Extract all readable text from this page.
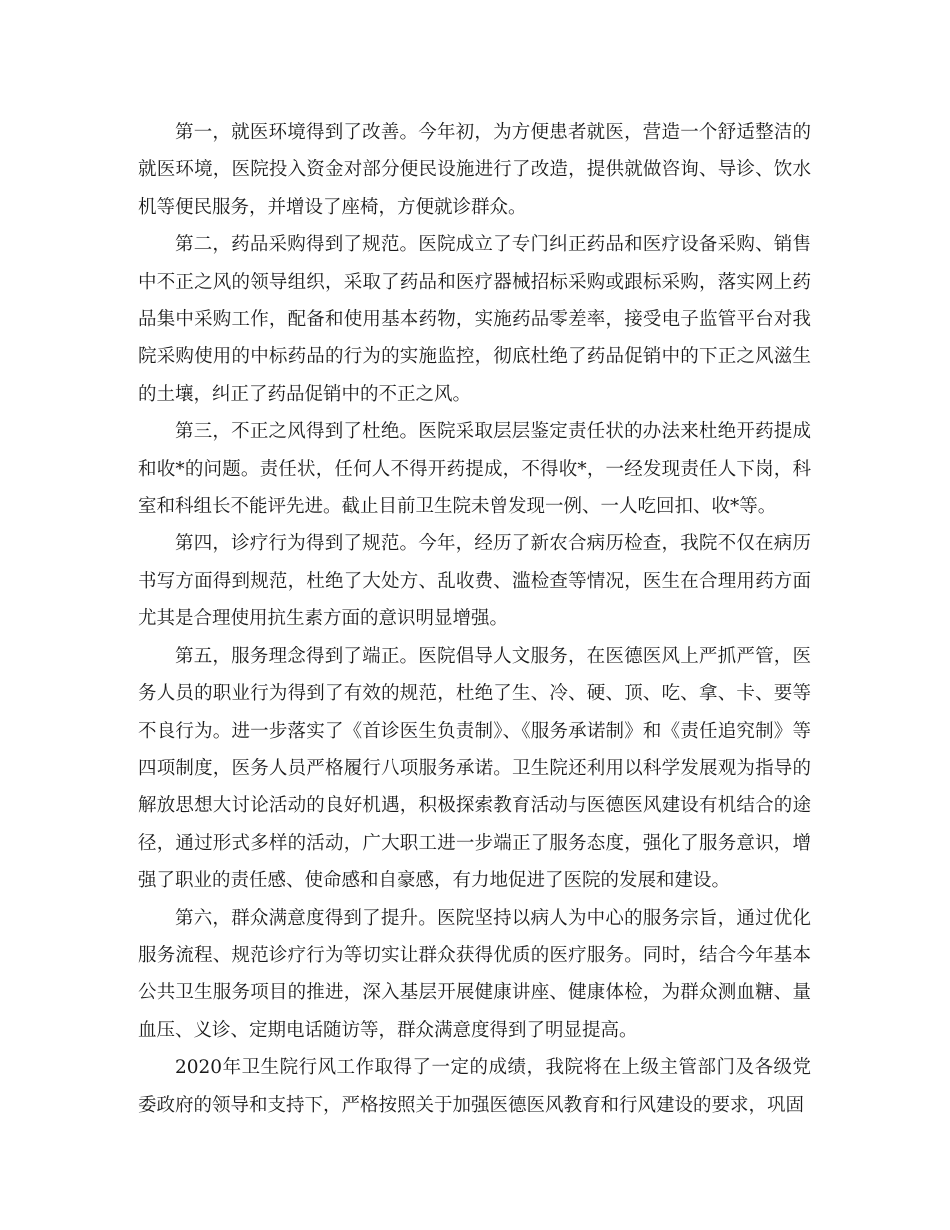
第一，就医环境得到了改善。今年初，为方便患者就医，营造一个舒适整洁的就医环境，医院投入资金对部分便民设施进行了改造，提供就做咨询、导诊、饮水机等便民服务，并增设了座椅，方便就诊群众。

第二，药品采购得到了规范。医院成立了专门纠正药品和医疗设备采购、销售中不正之风的领导组织，采取了药品和医疗器械招标采购或跟标采购，落实网上药品集中采购工作，配备和使用基本药物，实施药品零差率，接受电子监管平台对我院采购使用的中标药品的行为的实施监控，彻底杜绝了药品促销中的下正之风滋生的土壤，纠正了药品促销中的不正之风。

第三，不正之风得到了杜绝。医院采取层层鉴定责任状的办法来杜绝开药提成和收*的问题。责任状，任何人不得开药提成，不得收*，一经发现责任人下岗，科室和科组长不能评先进。截止目前卫生院未曾发现一例、一人吃回扣、收*等。

第四，诊疗行为得到了规范。今年，经历了新农合病历检查，我院不仅在病历书写方面得到规范，杜绝了大处方、乱收费、滥检查等情况，医生在合理用药方面尤其是合理使用抗生素方面的意识明显增强。

第五，服务理念得到了端正。医院倡导人文服务，在医德医风上严抓严管，医务人员的职业行为得到了有效的规范，杜绝了生、冷、硬、顶、吃、拿、卡、要等不良行为。进一步落实了《首诊医生负责制》、《服务承诺制》和《责任追究制》等四项制度，医务人员严格履行八项服务承诺。卫生院还利用以科学发展观为指导的解放思想大讨论活动的良好机遇，积极探索教育活动与医德医风建设有机结合的途径，通过形式多样的活动，广大职工进一步端正了服务态度，强化了服务意识，增强了职业的责任感、使命感和自豪感，有力地促进了医院的发展和建设。

第六，群众满意度得到了提升。医院坚持以病人为中心的服务宗旨，通过优化服务流程、规范诊疗行为等切实让群众获得优质的医疗服务。同时，结合今年基本公共卫生服务项目的推进，深入基层开展健康讲座、健康体检，为群众测血糖、量血压、义诊、定期电话随访等，群众满意度得到了明显提高。

2020年卫生院行风工作取得了一定的成绩，我院将在上级主管部门及各级党委政府的领导和支持下，严格按照关于加强医德医风教育和行风建设的要求，巩固
